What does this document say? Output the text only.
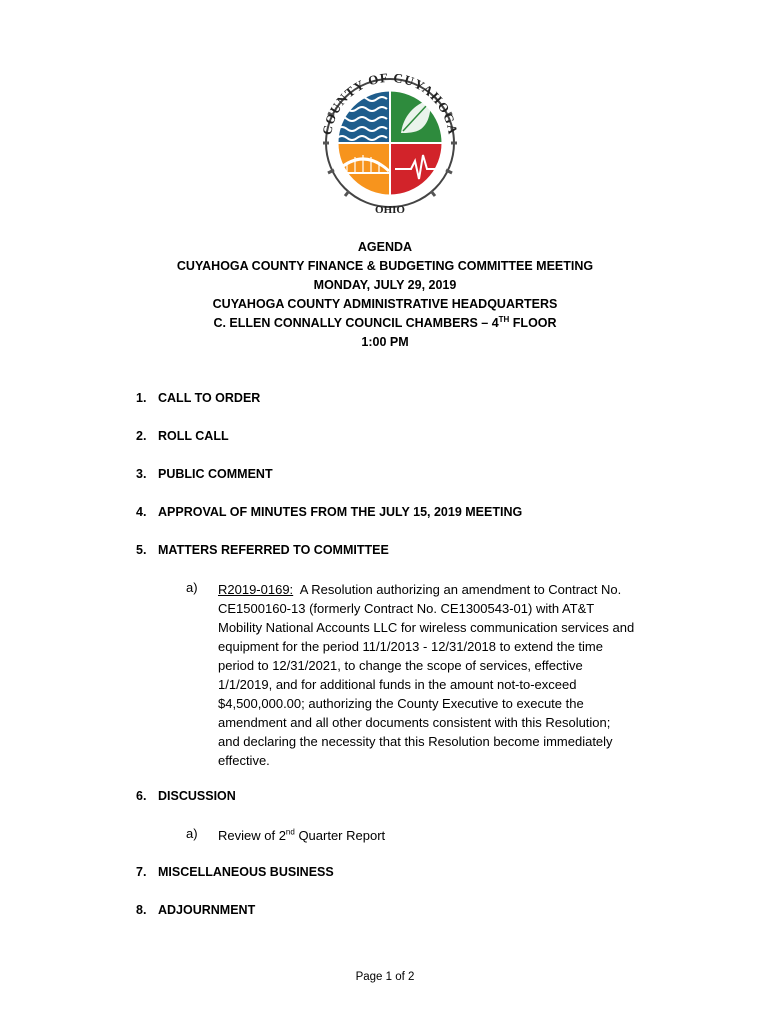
COUNTY OF CUYAHOGA
OHIO
AGENDA
CUYAHOGA COUNTY FINANCE & BUDGETING COMMITTEE MEETING
MONDAY, JULY 29, 2019
CUYAHOGA COUNTY ADMINISTRATIVE HEADQUARTERS
C. ELLEN CONNALLY COUNCIL CHAMBERS – 4TH FLOOR
1:00 PM
1. CALL TO ORDER
2. ROLL CALL
3. PUBLIC COMMENT
4. APPROVAL OF MINUTES FROM THE JULY 15, 2019 MEETING
5. MATTERS REFERRED TO COMMITTEE
a) R2019-0169: A Resolution authorizing an amendment to Contract No.
CE1500160-13 (formerly Contract No. CE1300543-01) with AT&T
Mobility National Accounts LLC for wireless communication services and
equipment for the period 11/1/2013 - 12/31/2018 to extend the time
period to 12/31/2021, to change the scope of services, effective
1/1/2019, and for additional funds in the amount not-to-exceed
$4,500,000.00; authorizing the County Executive to execute the
amendment and all other documents consistent with this Resolution;
and declaring the necessity that this Resolution become immediately
effective.
6. DISCUSSION
a) Review of 2nd Quarter Report
7. MISCELLANEOUS BUSINESS
8. ADJOURNMENT
Page 1 of 2
